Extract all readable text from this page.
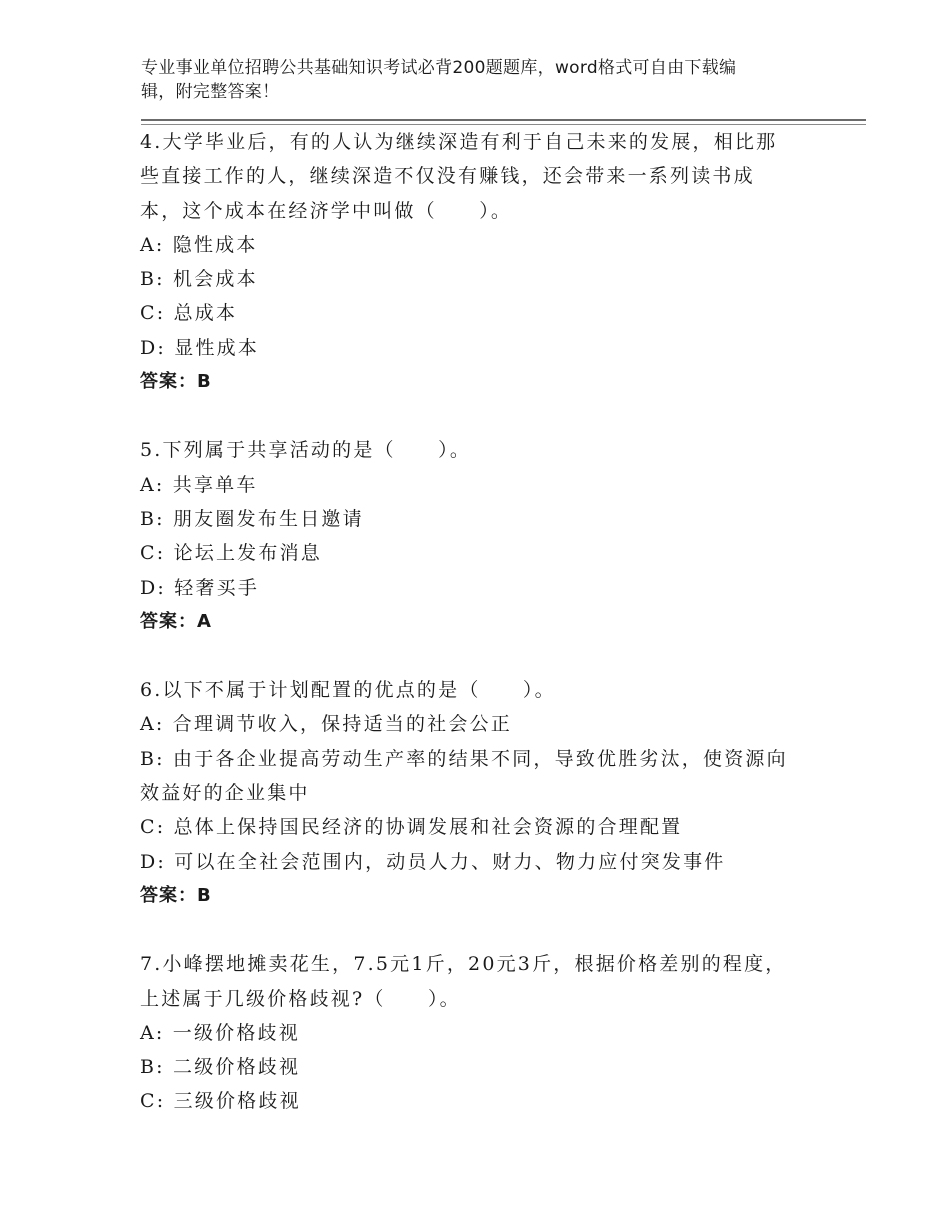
专业事业单位招聘公共基础知识考试必背200题题库，word格式可自由下载编
辑，附完整答案！
4.大学毕业后，有的人认为继续深造有利于自己未来的发展，相比那
些直接工作的人，继续深造不仅没有赚钱，还会带来一系列读书成
本，这个成本在经济学中叫做（　　）。
A: 隐性成本
B: 机会成本
C: 总成本
D: 显性成本
答案：B
5.下列属于共享活动的是（　　）。
A: 共享单车
B: 朋友圈发布生日邀请
C: 论坛上发布消息
D: 轻奢买手
答案：A
6.以下不属于计划配置的优点的是（　　）。
A: 合理调节收入，保持适当的社会公正
B: 由于各企业提高劳动生产率的结果不同，导致优胜劣汰，使资源向
效益好的企业集中
C: 总体上保持国民经济的协调发展和社会资源的合理配置
D: 可以在全社会范围内，动员人力、财力、物力应付突发事件
答案：B
7.小峰摆地摊卖花生，7.5元1斤，20元3斤，根据价格差别的程度，
上述属于几级价格歧视?（　　）。
A: 一级价格歧视
B: 二级价格歧视
C: 三级价格歧视
